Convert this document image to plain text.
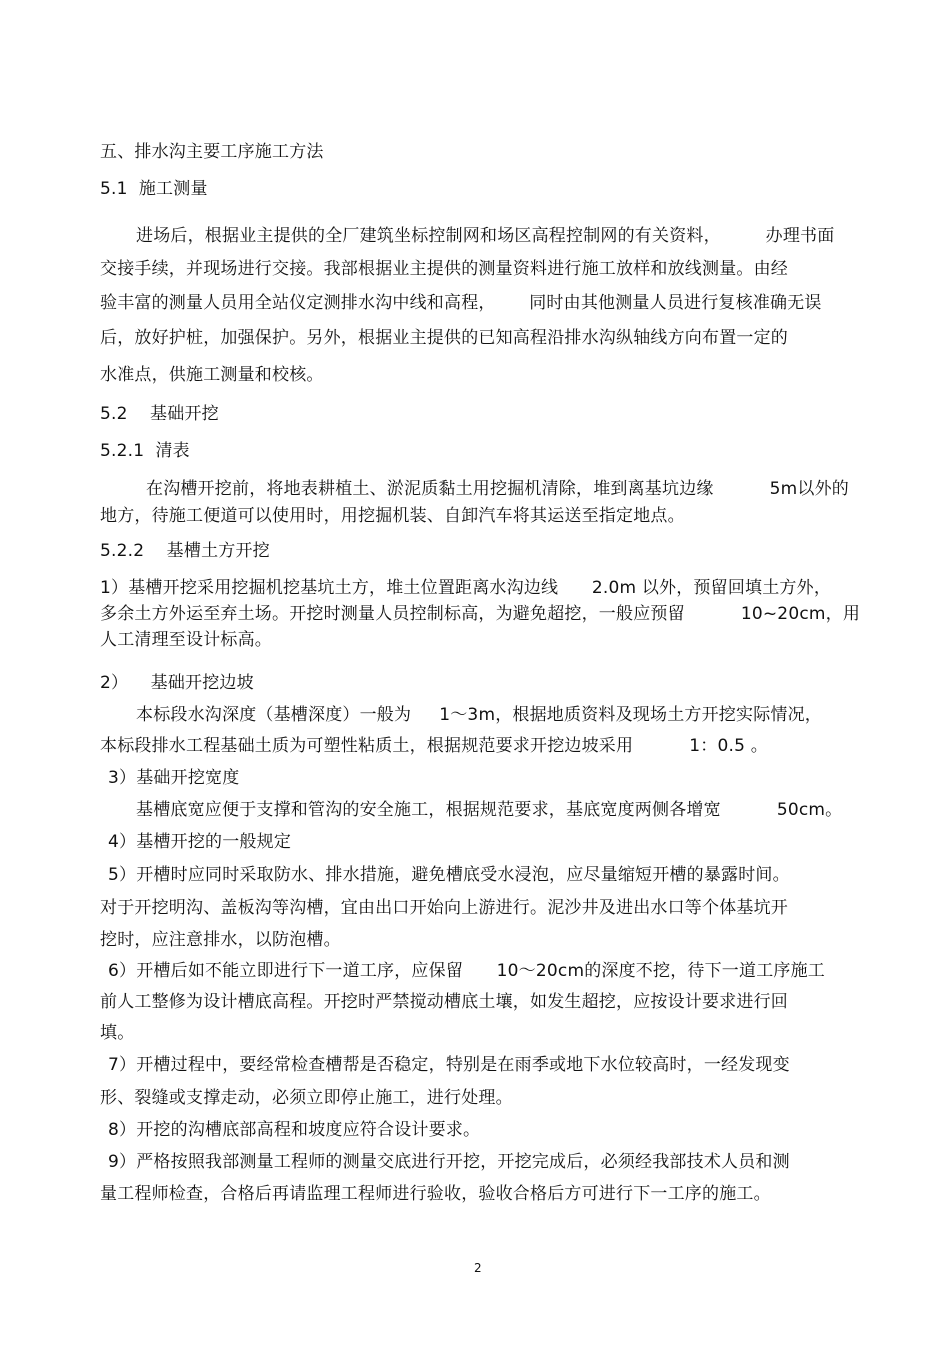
五、排水沟主要工序施工方法
5.1  施工测量
进场后，根据业主提供的全厂建筑坐标控制网和场区高程控制网的有关资料，        办理书面
交接手续，并现场进行交接。我部根据业主提供的测量资料进行施工放样和放线测量。由经
验丰富的测量人员用全站仪定测排水沟中线和高程，      同时由其他测量人员进行复核准确无误
后，放好护桩，加强保护。另外，根据业主提供的已知高程沿排水沟纵轴线方向布置一定的
水准点，供施工测量和校核。
5.2    基础开挖
5.2.1  清表
在沟槽开挖前，将地表耕植土、淤泥质黏土用挖掘机清除，堆到离基坑边缘          5m以外的
地方，待施工便道可以使用时，用挖掘机装、自卸汽车将其运送至指定地点。
5.2.2    基槽土方开挖
1）基槽开挖采用挖掘机挖基坑土方，堆土位置距离水沟边线      2.0m 以外，预留回填土方外，
多余土方外运至弃土场。开挖时测量人员控制标高，为避免超挖，一般应预留          10~20cm，用
人工清理至设计标高。
2）    基础开挖边坡
本标段水沟深度（基槽深度）一般为     1～3m，根据地质资料及现场土方开挖实际情况，
本标段排水工程基础土质为可塑性粘质土，根据规范要求开挖边坡采用          1：0.5 。
3）基础开挖宽度
基槽底宽应便于支撑和管沟的安全施工，根据规范要求，基底宽度两侧各增宽          50cm。
4）基槽开挖的一般规定
5）开槽时应同时采取防水、排水措施，避免槽底受水浸泡，应尽量缩短开槽的暴露时间。
对于开挖明沟、盖板沟等沟槽，宜由出口开始向上游进行。泥沙井及进出水口等个体基坑开
挖时，应注意排水，以防泡槽。
6）开槽后如不能立即进行下一道工序，应保留      10～20cm的深度不挖，待下一道工序施工
前人工整修为设计槽底高程。开挖时严禁搅动槽底土壤，如发生超挖，应按设计要求进行回
填。
7）开槽过程中，要经常检查槽帮是否稳定，特别是在雨季或地下水位较高时，一经发现变
形、裂缝或支撑走动，必须立即停止施工，进行处理。
8）开挖的沟槽底部高程和坡度应符合设计要求。
9）严格按照我部测量工程师的测量交底进行开挖，开挖完成后，必须经我部技术人员和测
量工程师检查，合格后再请监理工程师进行验收，验收合格后方可进行下一工序的施工。
2
